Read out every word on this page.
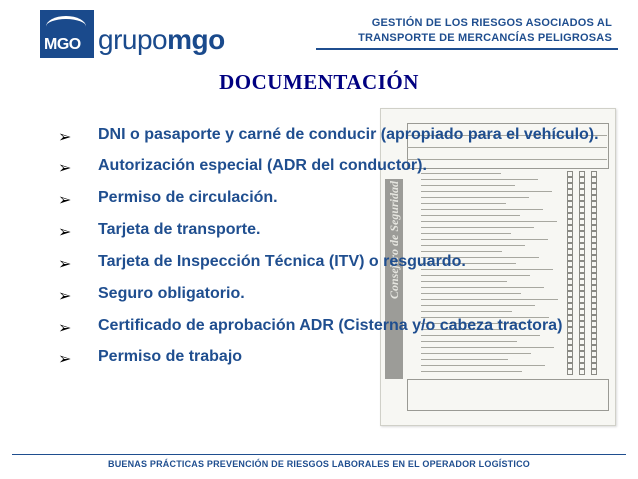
MGO grupomgo
GESTIÓN DE LOS RIESGOS ASOCIADOS AL
TRANSPORTE DE MERCANCÍAS PELIGROSAS
DOCUMENTACIÓN
Consejero de Seguridad
➢ DNI o pasaporte y carné de conducir (apropiado para el vehículo).
➢ Autorización especial (ADR del conductor).
➢ Permiso de circulación.
➢ Tarjeta de transporte.
➢ Tarjeta de Inspección Técnica (ITV) o resguardo.
➢ Seguro obligatorio.
➢ Certificado de aprobación ADR (Cisterna y/o cabeza tractora)
➢ Permiso de trabajo
BUENAS PRÁCTICAS PREVENCIÓN DE RIESGOS LABORALES EN EL OPERADOR LOGÍSTICO
